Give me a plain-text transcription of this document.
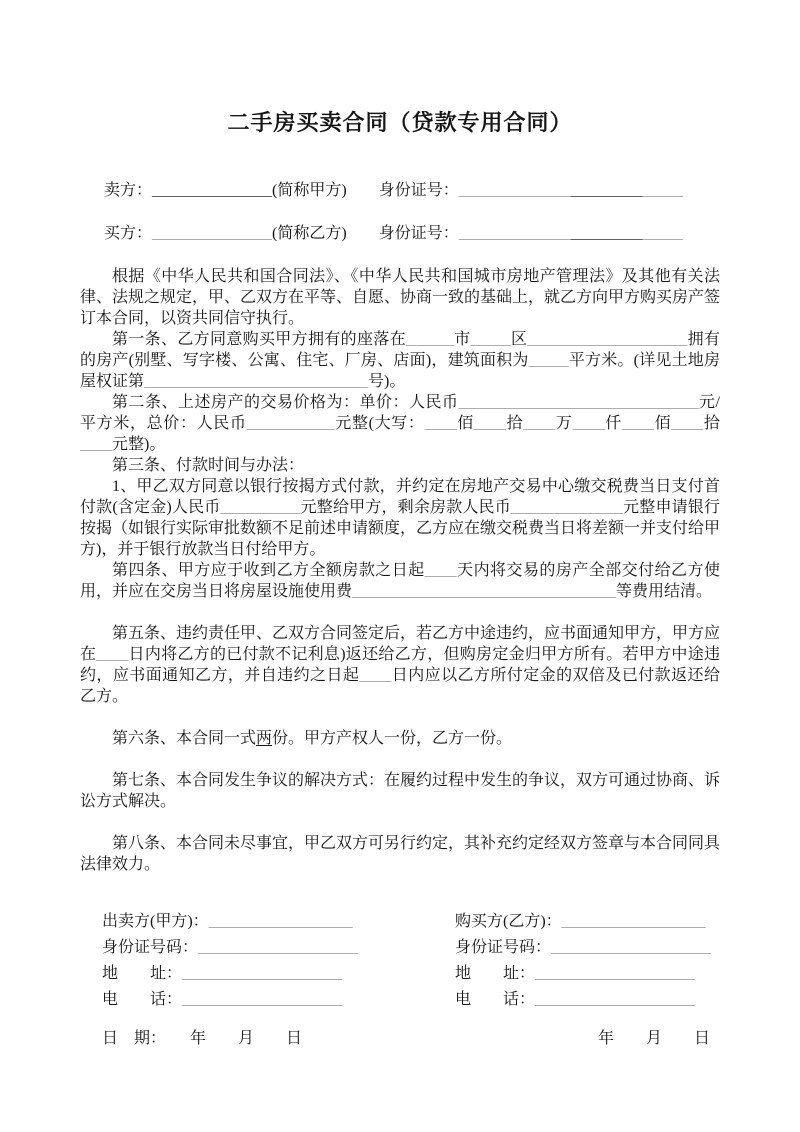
二手房买卖合同（贷款专用合同）
卖方：_______________(简称甲方)　　 身份证号：____________________________
买方：_______________(简称乙方)　　 身份证号：____________________________

根据《中华人民共和国合同法》、《中华人民共和国城市房地产管理法》及其他有关法律、法规之规定，甲、乙双方在平等、自愿、协商一致的基础上，就乙方向甲方购买房产签订本合同，以资共同信守执行。

第一条、乙方同意购买甲方拥有的座落在______市_____区____________________拥有的房产(别墅、写字楼、公寓、住宅、厂房、店面)，建筑面积为_____平方米。(详见土地房屋权证第____________________________号)。

第二条、上述房产的交易价格为：单价：人民币______________________________元/平方米，总价：人民币___________元整(大写：____佰____拾____万____仟____佰____拾____元整)。

第三条、付款时间与办法：

1、甲乙双方同意以银行按揭方式付款，并约定在房地产交易中心缴交税费当日支付首付款(含定金)人民币__________元整给甲方，剩余房款人民币______________元整申请银行按揭（如银行实际审批数额不足前述申请额度，乙方应在缴交税费当日将差额一并支付给甲方)，并于银行放款当日付给甲方。

第四条、甲方应于收到乙方全额房款之日起____天内将交易的房产全部交付给乙方使用，并应在交房当日将房屋设施使用费_________________________________等费用结清。

第五条、违约责任甲、乙双方合同签定后，若乙方中途违约，应书面通知甲方，甲方应在____日内将乙方的已付款不记利息)返还给乙方，但购房定金归甲方所有。若甲方中途违约，应书面通知乙方，并自违约之日起____日内应以乙方所付定金的双倍及已付款返还给乙方。

第六条、本合同一式两份。甲方产权人一份，乙方一份。

第七条、本合同发生争议的解决方式：在履约过程中发生的争议，双方可通过协商、诉讼方式解决。

第八条、本合同未尽事宜，甲乙双方可另行约定，其补充约定经双方签章与本合同同具法律效力。

出卖方(甲方)：__________________
身份证号码：____________________
地　　址：____________________
电　　话：____________________
购买方(乙方)：__________________
身份证号码：____________________
地　　址：____________________
电　　话：____________________
日　期：　　年　　月　　日	年　　月　　日
